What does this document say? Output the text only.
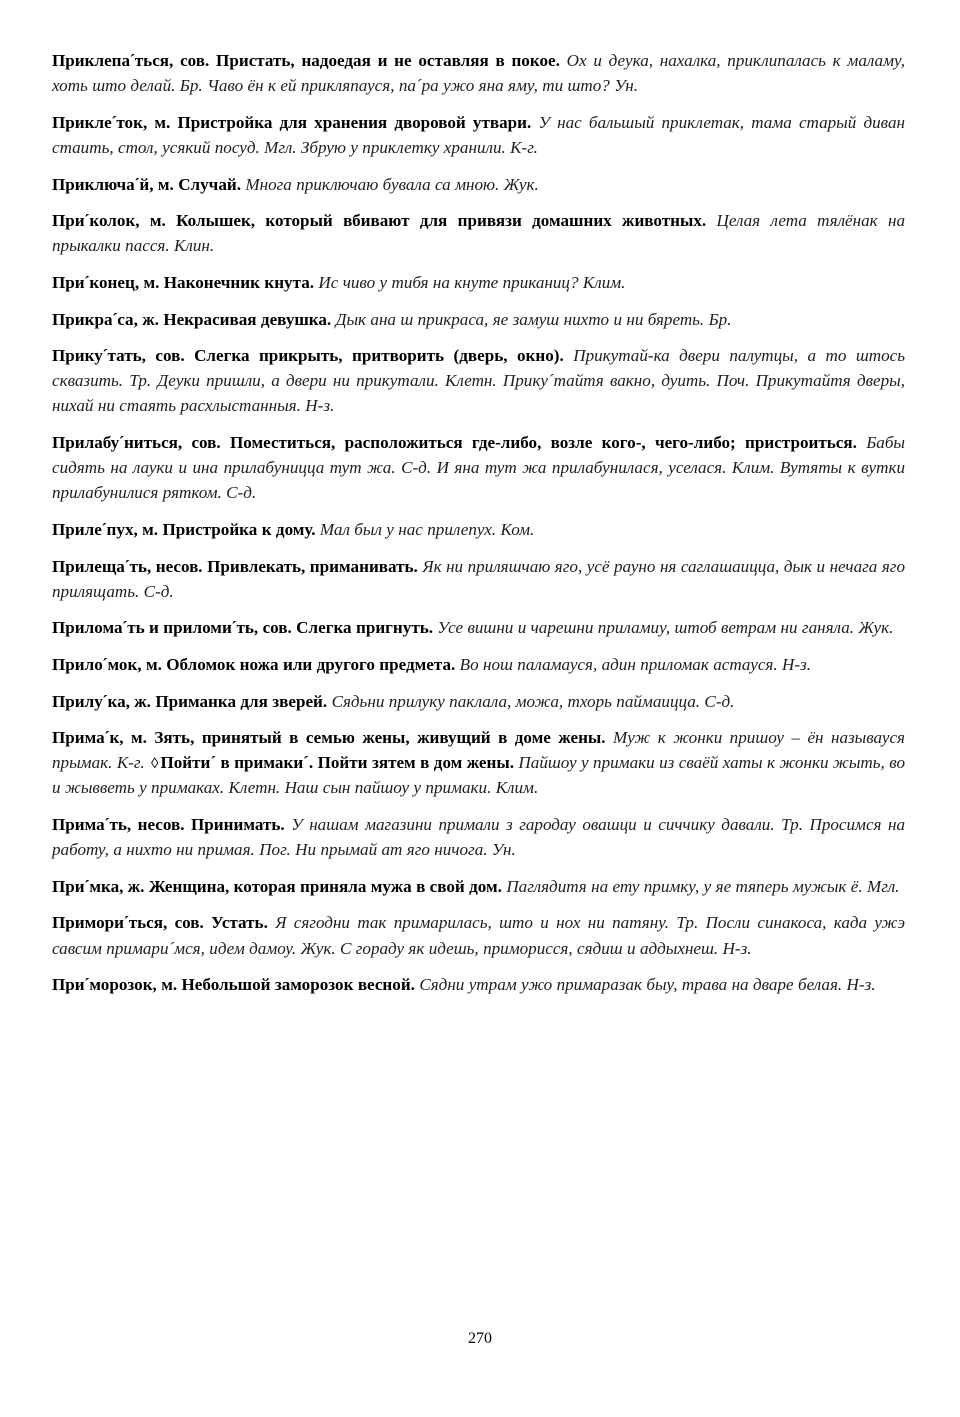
Приклепа´ться, сов. Пристать, надоедая и не оставляя в покое. Ох и деука, нахалка, приклипалась к маламу, хоть што делай. Бр. Чаво ён к ей прикляпауся, па´ра ужо яна яму, ти што? Ун.

Прикле´ток, м. Пристройка для хранения дворовой утвари. У нас бальшый приклетак, тама старый диван стаить, стол, усякий посуд. Мгл. Збрую у приклетку хранили. К-г.

Приключа´й, м. Случай. Многа приключаю бувала са мною. Жук.

При´колок, м. Колышек, который вбивают для привязи домашних животных. Целая лета тялёнак на прыкалки пасся. Клин.

При´конец, м. Наконечник кнута. Ис чиво у тибя на кнуте приканиц? Клим.

Прикра´са, ж. Некрасивая девушка. Дык ана ш прикраса, яе замуш нихто и ни бяреть. Бр.

Прику´тать, сов. Слегка прикрыть, притворить (дверь, окно). Прикутай-ка двери палутцы, а то штось сквазить. Тр. Деуки пришли, а двери ни прикутали. Клетн. Прику´тайтя вакно, дуить. Поч. Прикутайтя дверы, нихай ни стаять расхлыстанныя. Н-з.

Прилабу´ниться, сов. Поместиться, расположиться где-либо, возле кого-, чего-либо; пристроиться. Бабы сидять на лауки и ина прилабуницца тут жа. С-д. И яна тут жа прилабунилася, уселася. Клим. Вутяты к вутки прилабунилися рятком. С-д.

Приле´пух, м. Пристройка к дому. Мал был у нас прилепух. Ком.

Прилеща´ть, несов. Привлекать, приманивать. Як ни приляшчаю яго, усё рауно ня саглашаицца, дык и нечага яго прилящать. С-д.

Прилома´ть и приломи´ть, сов. Слегка пригнуть. Усе вишни и чарешни приламиу, штоб ветрам ни ганяла. Жук.

Прило´мок, м. Обломок ножа или другого предмета. Во нош паламауся, адин приломак астауся. Н-з.

Прилу´ка, ж. Приманка для зверей. Сядьни прилуку паклала, можа, тхорь паймаицца. С-д.

Прима´к, м. Зять, принятый в семью жены, живущий в доме жены. Муж к жонки пришоу – ён называуся прымак. К-г. ◊ Пойти´ в примаки´. Пойти зятем в дом жены. Пайшоу у примаки из сваёй хаты к жонки жыть, во и жывветь у примаках. Клетн. Наш сын пайшоу у примаки. Клим.

Прима´ть, несов. Принимать. У нашам магазини примали з гародау овашци и сиччику давали. Тр. Просимся на работу, а нихто ни примая. Пог. Ни прымай ат яго ничога. Ун.

При´мка, ж. Женщина, которая приняла мужа в свой дом. Паглядитя на ету примку, у яе тяперь мужык ё. Мгл.

Примори´ться, сов. Устать. Я сягодни так примарилась, што и нох ни патяну. Тр. Посли синакоса, када ужэ савсим примари´мся, идем дамоу. Жук. С гораду як идешь, приморисся, сядиш и аддыхнеш. Н-з.

При´морозок, м. Небольшой заморозок весной. Сядни утрам ужо примаразак быу, трава на дваре белая. Н-з.

270
